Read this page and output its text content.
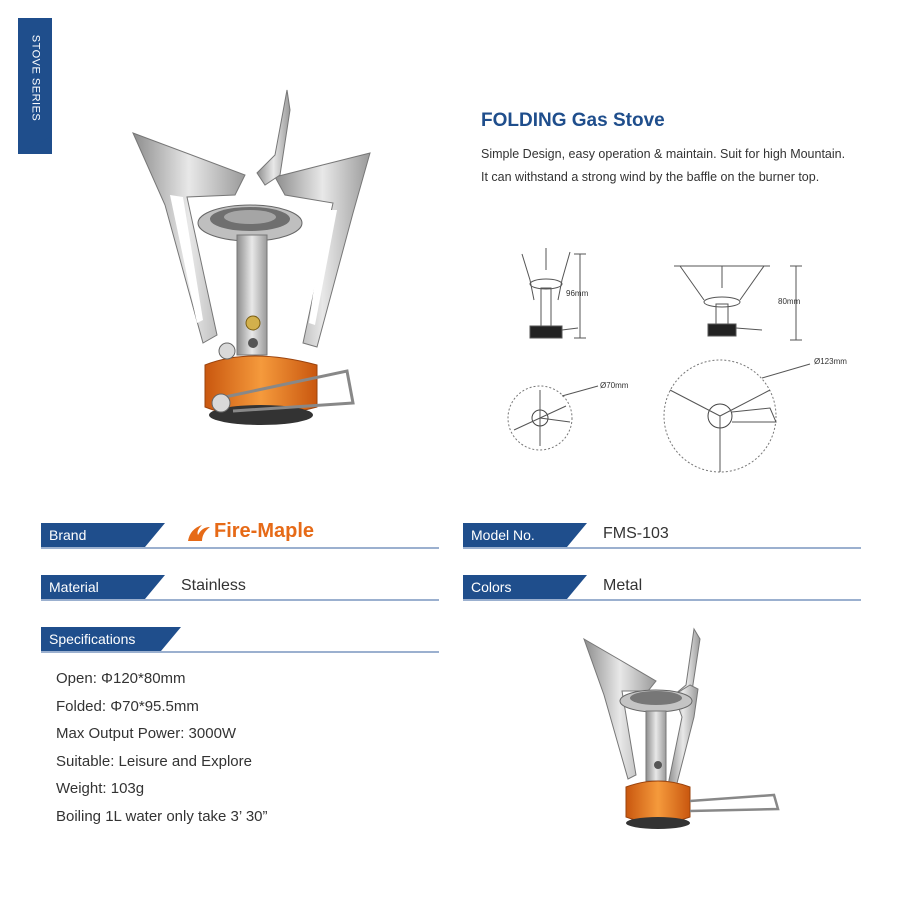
STOVE SERIES	FOLDING Gas Stove
Simple Design, easy operation & maintain. Suit for high Mountain. It can withstand a strong wind by the baffle on the burner top.
96mm
80mm
Ø70mm
Ø123mm
Brand	Fire-Maple	Model No.	FMS-103
Material	Stainless	Colors	Metal
Specifications
Open: Φ120*80mm
Folded: Φ70*95.5mm
Max Output Power: 3000W
Suitable: Leisure and Explore
Weight: 103g
Boiling 1L water only take 3’ 30”
